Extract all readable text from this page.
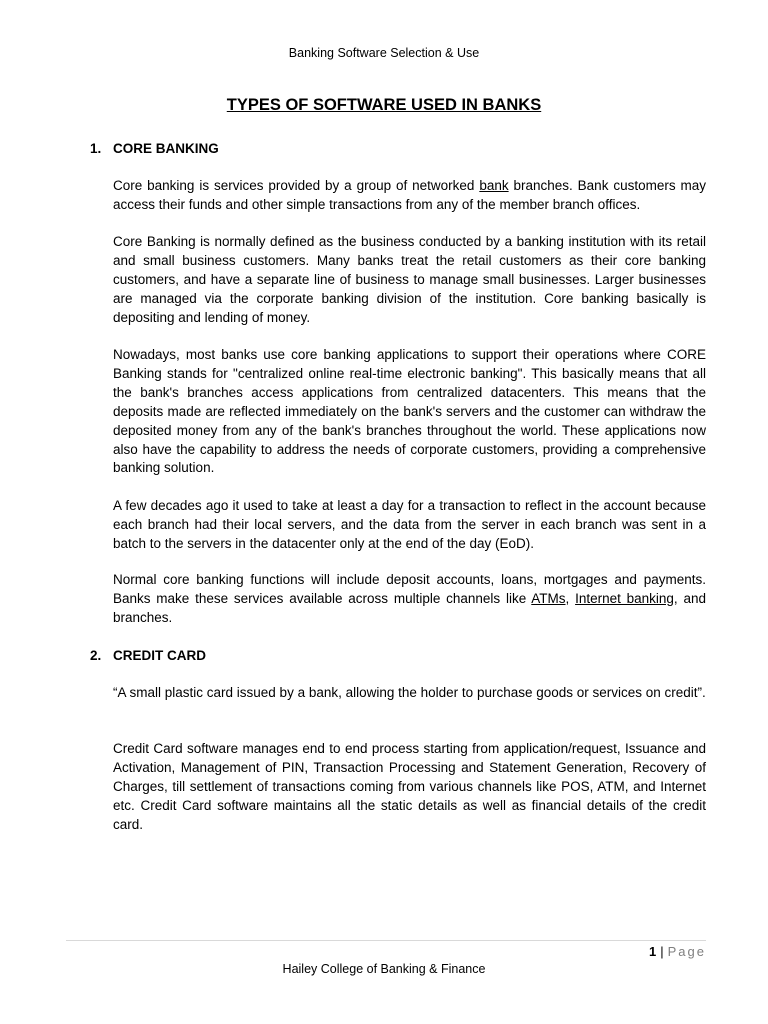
Banking Software Selection & Use
TYPES OF SOFTWARE USED IN BANKS
1. CORE BANKING

Core banking is services provided by a group of networked bank branches. Bank customers may access their funds and other simple transactions from any of the member branch offices.

Core Banking is normally defined as the business conducted by a banking institution with its retail and small business customers. Many banks treat the retail customers as their core banking customers, and have a separate line of business to manage small businesses. Larger businesses are managed via the corporate banking division of the institution. Core banking basically is depositing and lending of money.

Nowadays, most banks use core banking applications to support their operations where CORE Banking stands for "centralized online real-time electronic banking". This basically means that all the bank's branches access applications from centralized datacenters. This means that the deposits made are reflected immediately on the bank's servers and the customer can withdraw the deposited money from any of the bank's branches throughout the world. These applications now also have the capability to address the needs of corporate customers, providing a comprehensive banking solution.

A few decades ago it used to take at least a day for a transaction to reflect in the account because each branch had their local servers, and the data from the server in each branch was sent in a batch to the servers in the datacenter only at the end of the day (EoD).

Normal core banking functions will include deposit accounts, loans, mortgages and payments. Banks make these services available across multiple channels like ATMs, Internet banking, and branches.

2. CREDIT CARD

“A small plastic card issued by a bank, allowing the holder to purchase goods or services on credit”.

Credit Card software manages end to end process starting from application/request, Issuance and Activation, Management of PIN, Transaction Processing and Statement Generation, Recovery of Charges, till settlement of transactions coming from various channels like POS, ATM, and Internet etc. Credit Card software maintains all the static details as well as financial details of the credit card.

1 | Page
Hailey College of Banking & Finance
